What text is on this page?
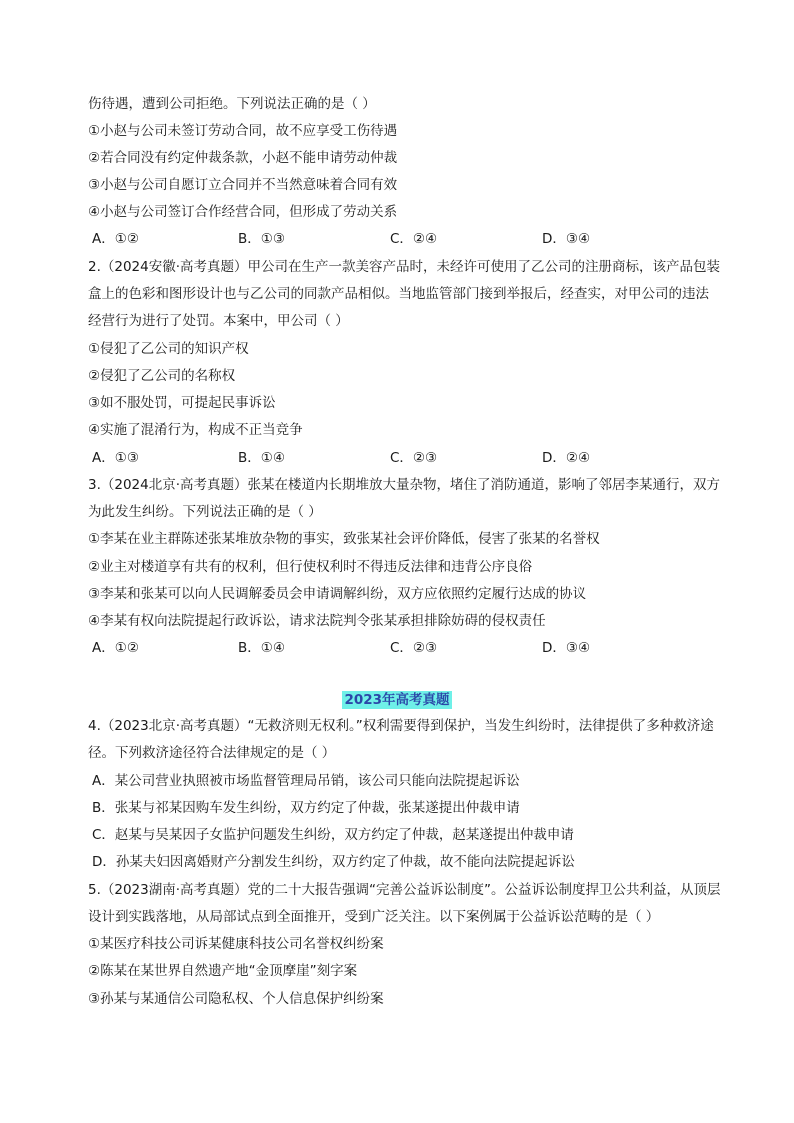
伤待遇，遭到公司拒绝。下列说法正确的是（ ）
①小赵与公司未签订劳动合同，故不应享受工伤待遇
②若合同没有约定仲裁条款，小赵不能申请劳动仲裁
③小赵与公司自愿订立合同并不当然意味着合同有效
④小赵与公司签订合作经营合同，但形成了劳动关系
A．①②	B．①③	C．②④	D．③④
2.（2024安徽·高考真题）甲公司在生产一款美容产品时，未经许可使用了乙公司的注册商标，该产品包装
盒上的色彩和图形设计也与乙公司的同款产品相似。当地监管部门接到举报后，经查实，对甲公司的违法
经营行为进行了处罚。本案中，甲公司（ ）
①侵犯了乙公司的知识产权
②侵犯了乙公司的名称权
③如不服处罚，可提起民事诉讼
④实施了混淆行为，构成不正当竞争
A．①③	B．①④	C．②③	D．②④
3.（2024北京·高考真题）张某在楼道内长期堆放大量杂物，堵住了消防通道，影响了邻居李某通行，双方
为此发生纠纷。下列说法正确的是（ ）
①李某在业主群陈述张某堆放杂物的事实，致张某社会评价降低，侵害了张某的名誉权
②业主对楼道享有共有的权利，但行使权利时不得违反法律和违背公序良俗
③李某和张某可以向人民调解委员会申请调解纠纷，双方应依照约定履行达成的协议
④李某有权向法院提起行政诉讼，请求法院判令张某承担排除妨碍的侵权责任
A．①②	B．①④	C．②③	D．③④
2023年高考真题
4.（2023北京·高考真题）“无救济则无权利。”权利需要得到保护，当发生纠纷时，法律提供了多种救济途
径。下列救济途径符合法律规定的是（ ）
A．某公司营业执照被市场监督管理局吊销，该公司只能向法院提起诉讼
B．张某与祁某因购车发生纠纷，双方约定了仲裁，张某遂提出仲裁申请
C．赵某与吴某因子女监护问题发生纠纷，双方约定了仲裁，赵某遂提出仲裁申请
D．孙某夫妇因离婚财产分割发生纠纷，双方约定了仲裁，故不能向法院提起诉讼
5.（2023湖南·高考真题）党的二十大报告强调“完善公益诉讼制度”。公益诉讼制度捍卫公共利益，从顶层
设计到实践落地，从局部试点到全面推开，受到广泛关注。以下案例属于公益诉讼范畴的是（ ）
①某医疗科技公司诉某健康科技公司名誉权纠纷案
②陈某在某世界自然遗产地“金顶摩崖”刻字案
③孙某与某通信公司隐私权、个人信息保护纠纷案
